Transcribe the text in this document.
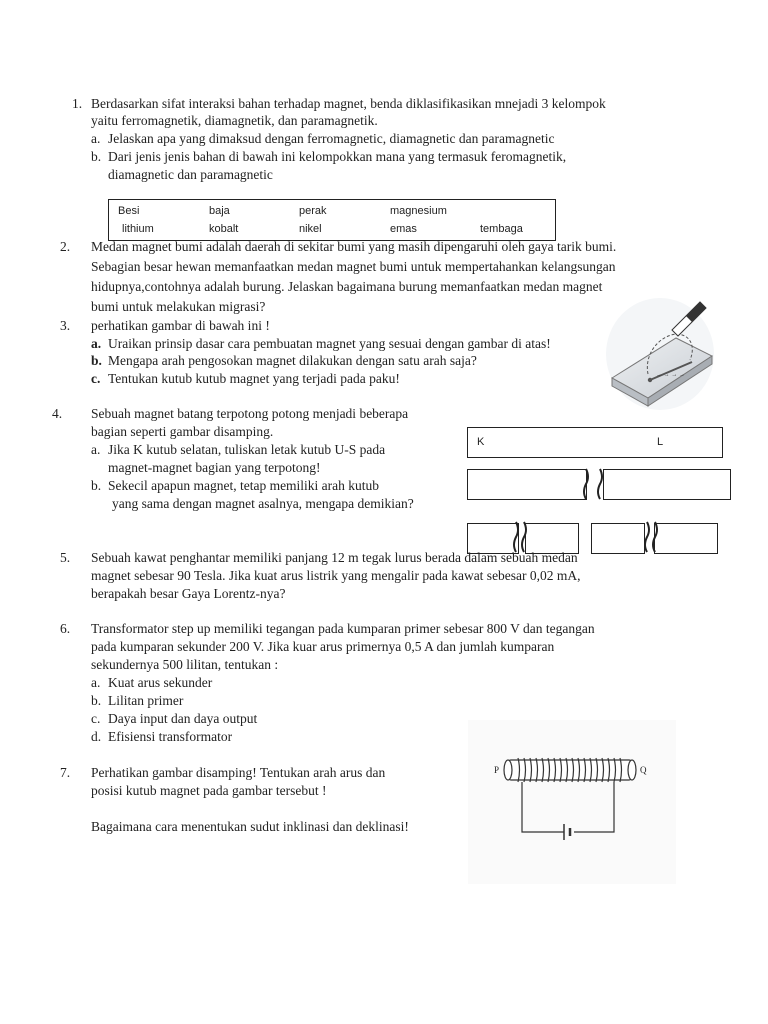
1. Berdasarkan sifat interaksi bahan terhadap magnet, benda diklasifikasikan mnejadi 3 kelompok
yaitu ferromagnetik, diamagnetik, dan paramagnetik.
a. Jelaskan apa yang dimaksud dengan ferromagnetic, diamagnetic dan paramagnetic
b. Dari jenis jenis bahan di bawah ini kelompokkan mana yang termasuk feromagnetik,
diamagnetic dan paramagnetic
Besi	baja	perak	magnesium
lithium	kobalt	nikel	emas	tembaga
2. Medan magnet bumi adalah daerah di sekitar bumi yang masih dipengaruhi oleh gaya tarik bumi.
Sebagian besar hewan memanfaatkan medan magnet bumi untuk mempertahankan kelangsungan
hidupnya,contohnya adalah burung. Jelaskan bagaimana burung memanfaatkan medan magnet
bumi untuk melakukan migrasi?
3. perhatikan gambar di bawah ini !
a. Uraikan prinsip dasar cara pembuatan magnet yang sesuai dengan gambar di atas!
b. Mengapa arah pengosokan magnet dilakukan dengan satu arah saja?
c. Tentukan kutub kutub magnet yang terjadi pada paku!	→ → → →
4. Sebuah magnet batang terpotong potong menjadi beberapa
bagian seperti gambar disamping.
a. Jika K kutub selatan, tuliskan letak kutub U-S pada
magnet-magnet bagian yang terpotong!
b. Sekecil apapun magnet, tetap memiliki arah kutub
yang sama dengan magnet asalnya, mengapa demikian?
K	L
5. Sebuah kawat penghantar memiliki panjang 12 m tegak lurus berada dalam sebuah medan
magnet sebesar 90 Tesla. Jika kuat arus listrik yang mengalir pada kawat sebesar 0,02 mA,
berapakah besar Gaya Lorentz-nya?
6. Transformator step up memiliki tegangan pada kumparan primer sebesar 800 V dan tegangan
pada kumparan sekunder 200 V. Jika kuar arus primernya 0,5 A dan jumlah kumparan
sekundernya 500 lilitan, tentukan :
a. Kuat arus sekunder
b. Lilitan primer
c. Daya input dan daya output
d. Efisiensi transformator
7. Perhatikan gambar disamping! Tentukan arah arus dan
posisi kutub magnet pada gambar tersebut !
Bagaimana cara menentukan sudut inklinasi dan deklinasi!
P	Q
